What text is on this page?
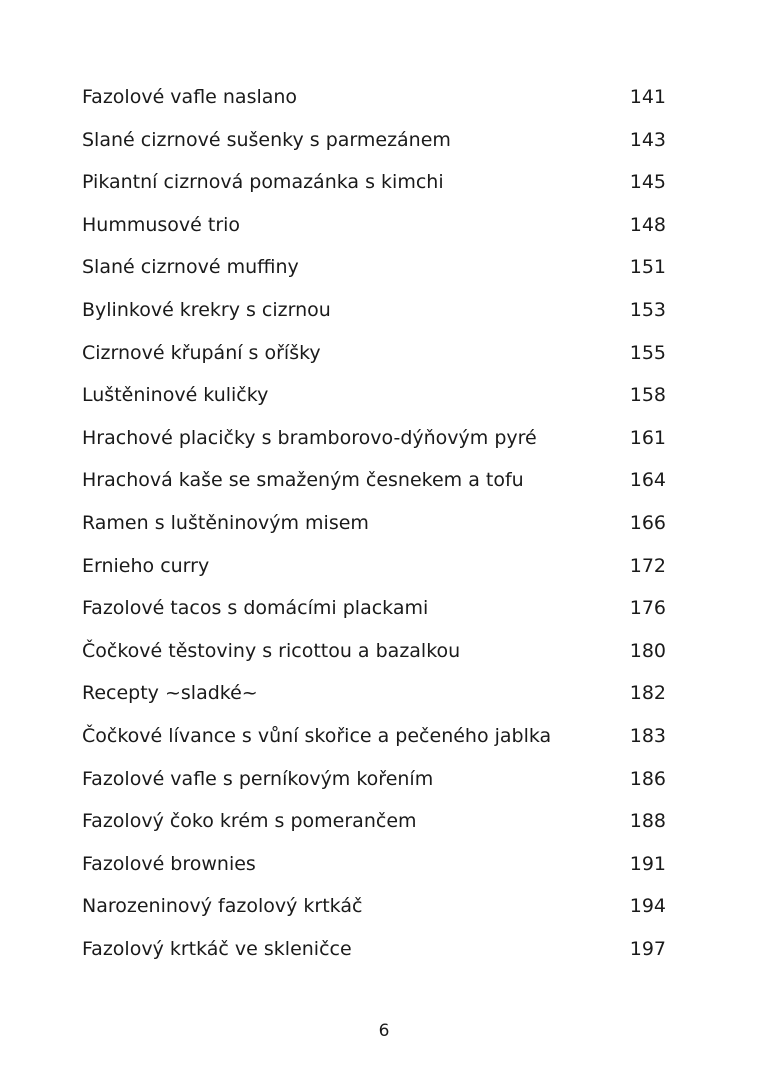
Fazolové vafle naslano	141
Slané cizrnové sušenky s parmezánem	143
Pikantní cizrnová pomazánka s kimchi	145
Hummusové trio	148
Slané cizrnové muffiny	151
Bylinkové krekry s cizrnou	153
Cizrnové křupání s oříšky	155
Luštěninové kuličky	158
Hrachové placičky s bramborovo-dýňovým pyré	161
Hrachová kaše se smaženým česnekem a tofu	164
Ramen s luštěninovým misem	166
Ernieho curry	172
Fazolové tacos s domácími plackami	176
Čočkové těstoviny s ricottou a bazalkou	180
Recepty ~sladké~	182
Čočkové lívance s vůní skořice a pečeného jablka	183
Fazolové vafle s perníkovým kořením	186
Fazolový čoko krém s pomerančem	188
Fazolové brownies	191
Narozeninový fazolový krtkáč	194
Fazolový krtkáč ve skleničce	197
6
